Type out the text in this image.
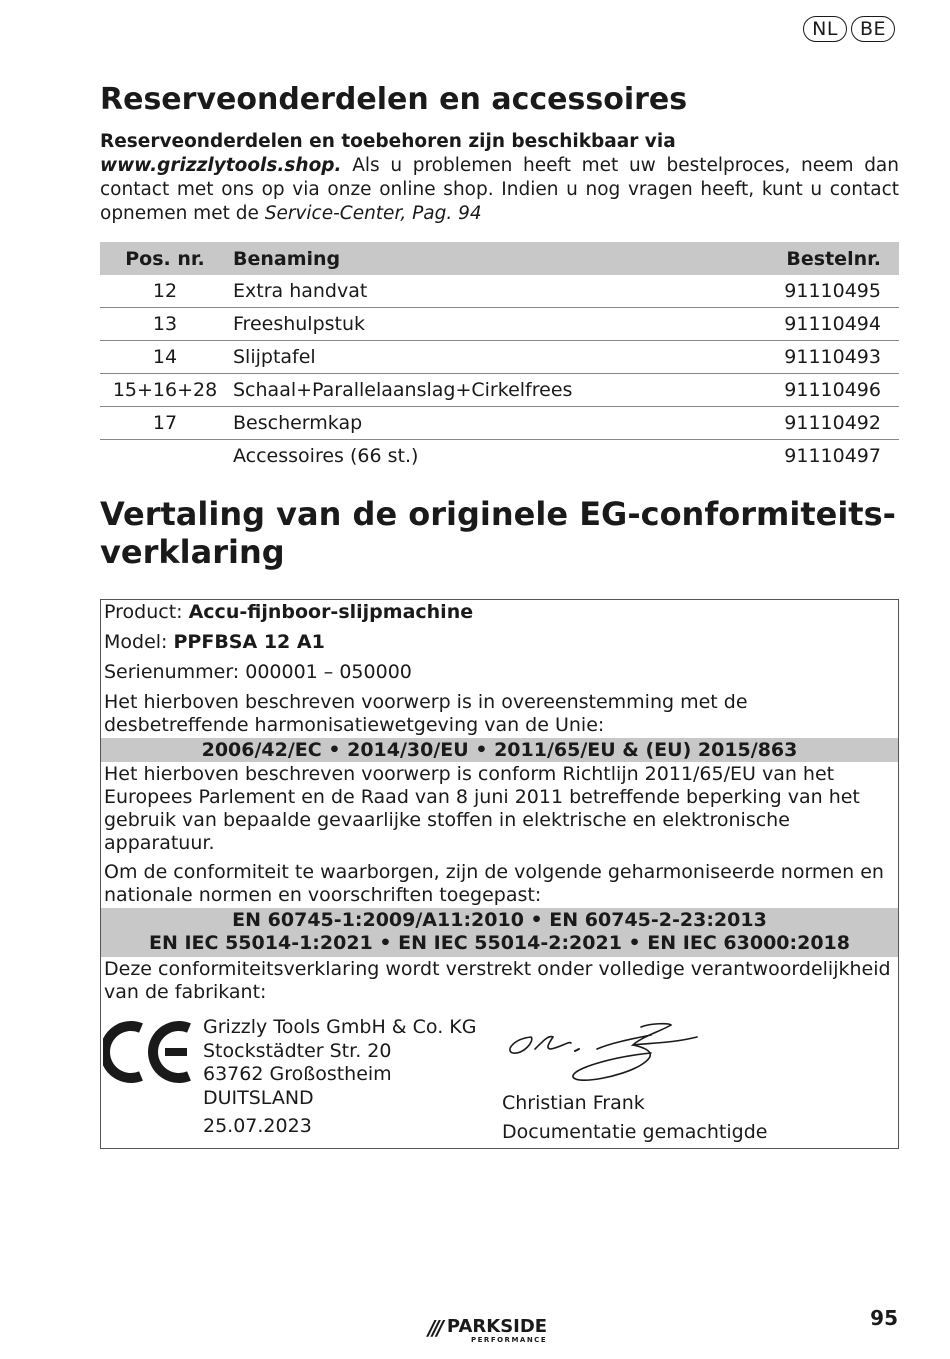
NL	BE
Reserveonderdelen en accessoires
Reserveonderdelen en toebehoren zijn beschikbaar via
www.grizzlytools.shop. Als u problemen heeft met uw bestelproces, neem dan contact met ons op via onze online shop. Indien u nog vragen heeft, kunt u contact opnemen met de Service-Center, Pag. 94
Pos. nr.	Benaming	Bestelnr.
12	Extra handvat	91110495
13	Freeshulpstuk	91110494
14	Slijptafel	91110493
15+16+28	Schaal+Parallelaanslag+Cirkelfrees	91110496
17	Beschermkap	91110492
	Accessoires (66 st.)	91110497
Vertaling van de originele EG-conformiteits-
verklaring

Product: Accu-fijnboor-slijpmachine

Model: PPFBSA 12 A1

Serienummer: 000001 – 050000

Het hierboven beschreven voorwerp is in overeenstemming met de desbetreffende harmonisatiewetgeving van de Unie:

2006/42/EC • 2014/30/EU • 2011/65/EU & (EU) 2015/863

Het hierboven beschreven voorwerp is conform Richtlijn 2011/65/EU van het Europees Parlement en de Raad van 8 juni 2011 betreffende beperking van het gebruik van bepaalde gevaarlijke stoffen in elektrische en elektronische apparatuur.

Om de conformiteit te waarborgen, zijn de volgende geharmoniseerde normen en nationale normen en voorschriften toegepast:

EN 60745-1:2009/A11:2010 • EN 60745-2-23:2013
EN IEC 55014-1:2021 • EN IEC 55014-2:2021 • EN IEC 63000:2018

Deze conformiteitsverklaring wordt verstrekt onder volledige verantwoordelijkheid van de fabrikant:

Grizzly Tools GmbH & Co. KG
Stockstädter Str. 20
63762 Großostheim
DUITSLAND
25.07.2023
Christian Frank
Documentatie gemachtigde
/// PARKSIDE
PERFORMANCE
95
